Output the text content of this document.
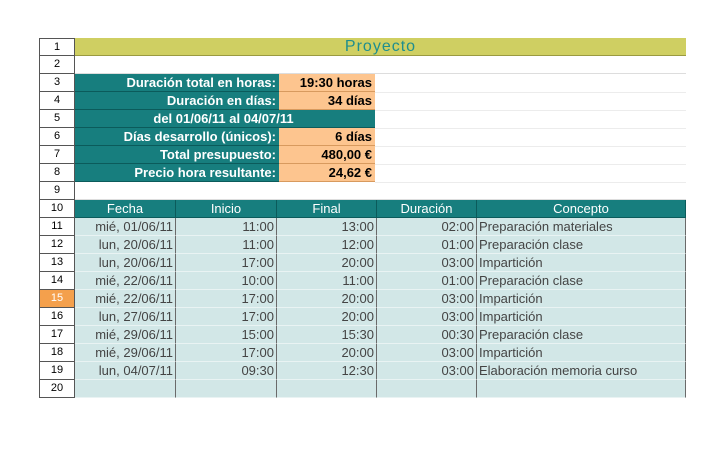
1	Proyecto
2
3	Duración total en horas:	19:30 horas
4	Duración en días:	34 días
5	del 01/06/11 al 04/07/11
6	Días desarrollo (únicos):	6 días
7	Total presupuesto:	480,00 €
8	Precio hora resultante:	24,62 €
9
10	Fecha	Inicio	Final	Duración	Concepto
11	mié, 01/06/11	11:00	13:00	02:00 Preparación materiales
12	lun, 20/06/11	11:00	12:00	01:00 Preparación clase
13	lun, 20/06/11	17:00	20:00	03:00 Impartición
14	mié, 22/06/11	10:00	11:00	01:00 Preparación clase
15	mié, 22/06/11	17:00	20:00	03:00 Impartición
16	lun, 27/06/11	17:00	20:00	03:00 Impartición
17	mié, 29/06/11	15:00	15:30	00:30 Preparación clase
18	mié, 29/06/11	17:00	20:00	03:00 Impartición
19	lun, 04/07/11	09:30	12:30	03:00 Elaboración memoria curso
20
